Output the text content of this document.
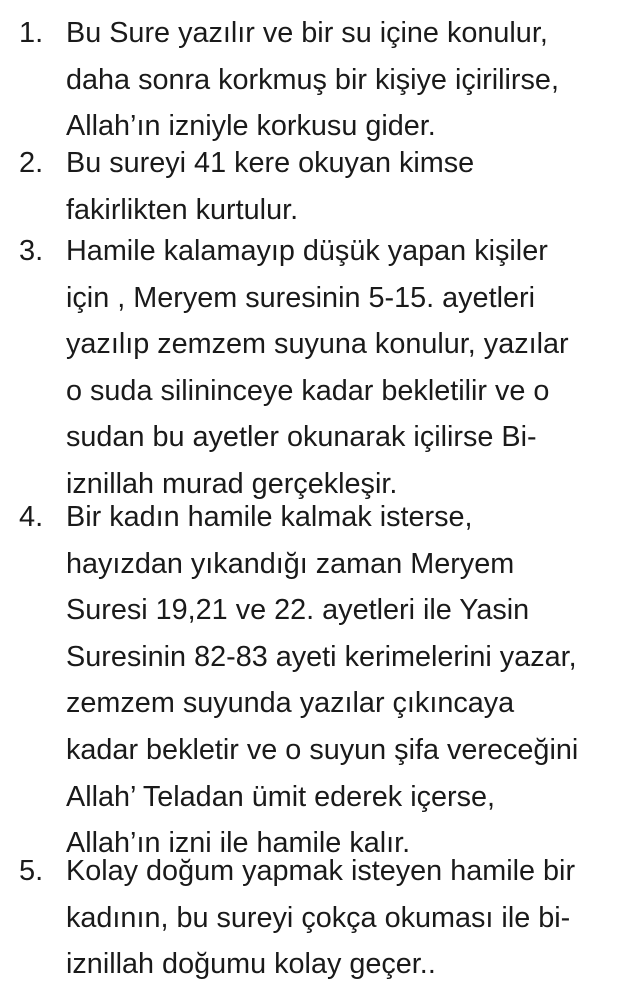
1. Bu Sure yazılır ve bir su içine konulur,
daha sonra korkmuş bir kişiye içirilirse,
Allah’ın izniyle korkusu gider.
2. Bu sureyi 41 kere okuyan kimse
fakirlikten kurtulur.
3. Hamile kalamayıp düşük yapan kişiler
için , Meryem suresinin 5-15. ayetleri
yazılıp zemzem suyuna konulur, yazılar
o suda silininceye kadar bekletilir ve o
sudan bu ayetler okunarak içilirse Bi-
iznillah murad gerçekleşir.
4. Bir kadın hamile kalmak isterse,
hayızdan yıkandığı zaman Meryem
Suresi 19,21 ve 22. ayetleri ile Yasin
Suresinin 82-83 ayeti kerimelerini yazar,
zemzem suyunda yazılar çıkıncaya
kadar bekletir ve o suyun şifa vereceğini
Allah’ Teladan ümit ederek içerse,
Allah’ın izni ile hamile kalır.
5. Kolay doğum yapmak isteyen hamile bir
kadının, bu sureyi çokça okuması ile bi-
iznillah doğumu kolay geçer..
